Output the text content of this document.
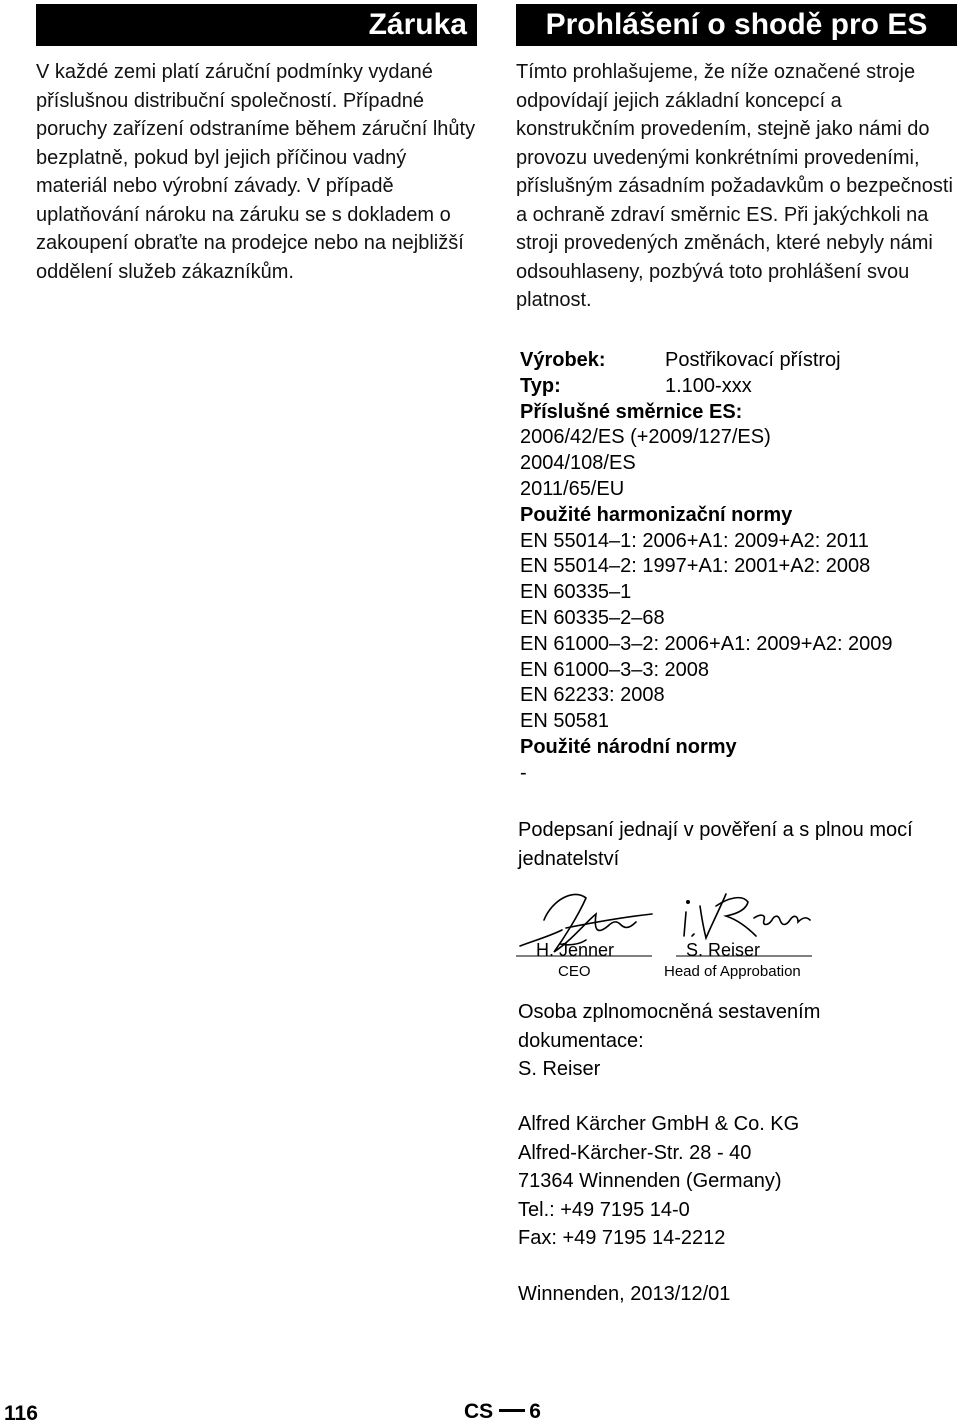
Záruka
V každé zemi platí záruční podmínky vydané příslušnou distribuční společností. Případné poruchy zařízení odstraníme během záruční lhůty bezplatně, pokud byl jejich příčinou vadný materiál nebo výrobní závady. V případě uplatňování nároku na záruku se s dokladem o zakoupení obraťte na prodejce nebo na nejbližší oddělení služeb zákazníkům.
Prohlášení o shodě pro ES
Tímto prohlašujeme, že níže označené stroje odpovídají jejich základní koncepcí a konstrukčním provedením, stejně jako námi do provozu uvedenými konkrétními provedeními, příslušným zásadním požadavkům o bezpečnosti a ochraně zdraví směrnic ES. Při jakýchkoli na stroji provedených změnách, které nebyly námi odsouhlaseny, pozbývá toto prohlášení svou platnost.
Výrobek:	Postřikovací přístroj
Typ:	1.100-xxx
Příslušné směrnice ES:
2006/42/ES (+2009/127/ES)
2004/108/ES
2011/65/EU
Použité harmonizační normy
EN 55014–1: 2006+A1: 2009+A2: 2011
EN 55014–2: 1997+A1: 2001+A2: 2008
EN 60335–1
EN 60335–2–68
EN 61000–3–2: 2006+A1: 2009+A2: 2009
EN 61000–3–3: 2008
EN 62233: 2008
EN 50581
Použité národní normy
-
Podepsaní jednají v pověření a s plnou mocí jednatelství
H. Jenner
CEO
S. Reiser
Head of Approbation
Osoba zplnomocněná sestavením dokumentace:
S. Reiser
Alfred Kärcher GmbH & Co. KG
Alfred-Kärcher-Str. 28 - 40
71364 Winnenden (Germany)
Tel.: +49 7195 14-0
Fax: +49 7195 14-2212
Winnenden, 2013/12/01
116	CS 6
